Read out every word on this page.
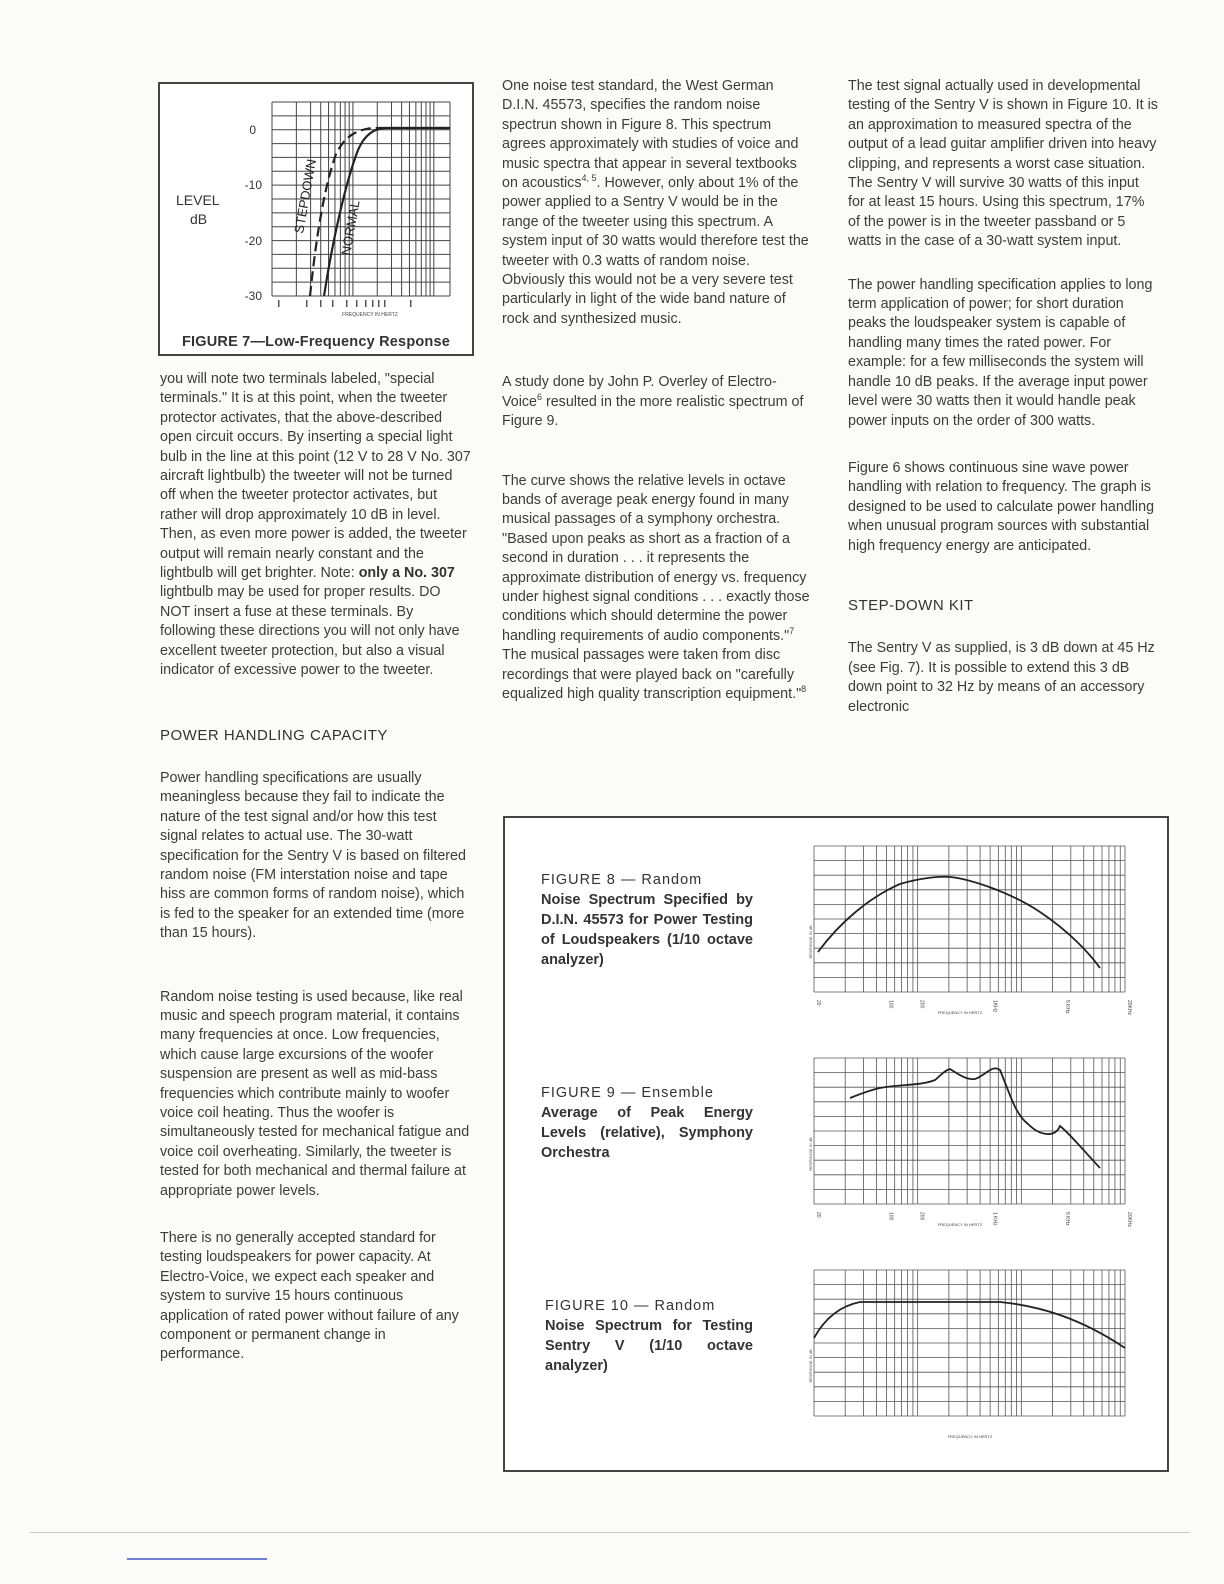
LEVEL
dB
0
-10
-20
-30
FREQUENCY IN HERTZ
STEPDOWN NORMAL
FIGURE 7—Low-Frequency Response

you will note two terminals labeled, "special terminals." It is at this point, when the tweeter protector activates, that the above-described open circuit occurs. By inserting a special light bulb in the line at this point (12 V to 28 V No. 307 aircraft lightbulb) the tweeter will not be turned off when the tweeter protector activates, but rather will drop approximately 10 dB in level. Then, as even more power is added, the tweeter output will remain nearly constant and the lightbulb will get brighter. Note: only a No. 307 lightbulb may be used for proper results. DO NOT insert a fuse at these terminals. By following these directions you will not only have excellent tweeter protection, but also a visual indicator of excessive power to the tweeter.

POWER HANDLING CAPACITY

Power handling specifications are usually meaningless because they fail to indicate the nature of the test signal and/or how this test signal relates to actual use. The 30-watt specification for the Sentry V is based on filtered random noise (FM interstation noise and tape hiss are common forms of random noise), which is fed to the speaker for an extended time (more than 15 hours).

Random noise testing is used because, like real music and speech program material, it contains many frequencies at once. Low frequencies, which cause large excursions of the woofer suspension are present as well as mid-bass frequencies which contribute mainly to woofer voice coil heating. Thus the woofer is simultaneously tested for mechanical fatigue and voice coil overheating. Similarly, the tweeter is tested for both mechanical and thermal failure at appropriate power levels.

There is no generally accepted standard for testing loudspeakers for power capacity. At Electro-Voice, we expect each speaker and system to survive 15 hours continuous application of rated power without failure of any component or permanent change in performance.

One noise test standard, the West German D.I.N. 45573, specifies the random noise spectrun shown in Figure 8. This spectrum agrees approximately with studies of voice and music spectra that appear in several textbooks on acoustics$^{4, 5}$. However, only about 1% of the power applied to a Sentry V would be in the range of the tweeter using this spectrum. A system input of 30 watts would therefore test the tweeter with 0.3 watts of random noise. Obviously this would not be a very severe test particularly in light of the wide band nature of rock and synthesized music.

A study done by John P. Overley of Electro-Voice$^6$ resulted in the more realistic spectrum of Figure 9.

The curve shows the relative levels in octave bands of average peak energy found in many musical passages of a symphony orchestra. "Based upon peaks as short as a fraction of a second in duration . . . it represents the approximate distribution of energy vs. frequency under highest signal conditions . . . exactly those conditions which should determine the power handling requirements of audio components."$^7$ The musical passages were taken from disc recordings that were played back on "carefully equalized high quality transcription equipment."$^8$

The test signal actually used in developmental testing of the Sentry V is shown in Figure 10. It is an approximation to measured spectra of the output of a lead guitar amplifier driven into heavy clipping, and represents a worst case situation. The Sentry V will survive 30 watts of this input for at least 15 hours. Using this spectrum, 17% of the power is in the tweeter passband or 5 watts in the case of a 30-watt system input.

The power handling specification applies to long term application of power; for short duration peaks the loudspeaker system is capable of handling many times the rated power. For example: for a few milliseconds the system will handle 10 dB peaks. If the average input power level were 30 watts then it would handle peak power inputs on the order of 300 watts.

Figure 6 shows continuous sine wave power handling with relation to frequency. The graph is designed to be used to calculate power handling when unusual program sources with substantial high frequency energy are anticipated.

STEP-DOWN KIT

The Sentry V as supplied, is 3 dB down at 45 Hz (see Fig. 7). It is possible to extend this 3 dB down point to 32 Hz by means of an accessory electronic

FIGURE 8 — Random
Noise Spectrum Specified by D.I.N. 45573 for Power Testing of Loudspeakers (1/10 octave analyzer)
RESPONSE IN dB
FREQUENCY IN HERTZ
20	100	200	1KHz	5 KHz	20KHz
FIGURE 9 — Ensemble
Average of Peak Energy Levels (relative), Symphony Orchestra	RESPONSE IN dB
FREQUENCY IN HERTZ
20	100	200	1 KHz	5 KHz	20KHz
FIGURE 10 — Random
Noise Spectrum for Testing Sentry V (1/10 octave analyzer)	RESPONSE IN dB
FREQUENCY IN HERTZ
